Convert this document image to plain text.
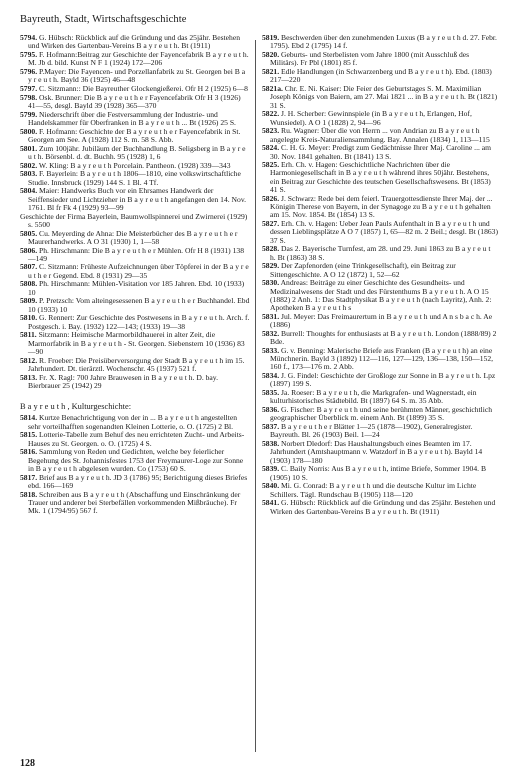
Bayreuth, Stadt, Wirtschaftsgeschichte
5794. G. Hübsch: Rückblick auf die Gründung und das 25jähr. Bestehen und Wirken des Gartenbau-Vereins B a y r e u t h. Bt (1911)
5795. F. Hofmann:Beitrag zur Geschichte der Fayencefabrik B a y r e u t h. M. Jb d. bild. Kunst N F 1 (1924) 172—206
5796. P.Mayer: Die Fayencen- und Porzellanfabrik zu St. Georgen bei B a y r e u t h. Bayld 36 (1925) 46—48
5797. C. Sitzmann:: Die Bayreuther Glockengießerei. Ofr H 2 (1925) 6—8
5798. Osk. Brunner: Die B a y r e u t h e r Fayencefabrik Ofr H 3 (1926) 41—55, desgl. Bayld 39 (1928) 365—370
5799. Niederschrift über die Festversammlung der Industrie- und Handelskammer für Oberfranken in B a y r e u t h ... Bt (1926) 25 S.
5800. F. Hofmann: Geschichte der B a y r e u t h e r Fayencefabrik in St. Georgen am See. A (1928) 112 S. m. 58 S. Abb.
5801. Zum 100jähr. Jubiläum der Buchhandlung B. Seligsberg in B a y r e u t h. Börsenbl. d. dt. Buchh. 95 (1928) 1, 6
5802. W. Kling: B a y r e u t h Porcelain. Pantheon. (1928) 339—343
5803. F. Bayerlein: B a y r e u t h 1806—1810, eine volkswirtschaftliche Studie. Innsbruck (1929) 144 S. 1 Bl. 4 Tf.
5804. Maier: Handwerks Buch vor ein Ehrsames Handwerk der Seiffensieder und Lichtzieher in B a y r e u t h angefangen den 14. Nov. 1761. Bl fr Fk 4 (1929) 93—99
Geschichte der Firma Bayerlein, Baumwollspinnerei und Zwirnerei (1929) s. 5500
5805. Cu. Meyerding de Ahna: Die Meisterbücher des B a y r e u t h e r Maurerhandwerks. A O 31 (1930) 1, 1—58
5806. Ph. Hirschmann: Die B a y r e u t h e r Mühlen. Ofr H 8 (1931) 138—149
5807. C. Sitzmann: Früheste Aufzeichnungen über Töpferei in der B a y r e u t h e r Gegend. Ebd. 8 (1931) 29—35
5808. Ph. Hirschmann: Mühlen-Visitation vor 185 Jahren. Ebd. 10 (1933) 10
5809. P. Pretzsch: Vom alteingesessenen B a y r e u t h e r Buchhandel. Ebd 10 (1933) 10
5810. G. Rennert: Zur Geschichte des Postwesens in B a y r e u t h. Arch. f. Postgesch. i. Bay. (1932) 122—143; (1933) 19—38
5811. Sitzmann: Heimische Marmorbildhauerei in alter Zeit, die Marmorfabrik in B a y r e u t h - St. Georgen. Siebenstern 10 (1936) 83—90
5812. R. Froeber: Die Preisüberversorgung der Stadt B a y r e u t h im 15. Jahrhundert. Dt. tierärztl. Wochenschr. 45 (1937) 521 f.
5813. Fr. X. Ragl: 700 Jahre Brauwesen in B a y r e u t h. D. bay. Bierbrauer 25 (1942) 29
B a y r e u t h , Kulturgeschichte:
5814. Kurtze Benachrichtigung von der in ... B a y r e u t h angestellten sehr vorteilhafften sogenandten Kleinen Lotterie, o. O. (1725) 2 Bl.
5815. Lotterie-Tabelle zum Behuf des neu errichteten Zucht- und Arbeits-Hauses zu St. Georgen. o. O. (1725) 4 S.
5816. Sammlung von Reden und Gedichten, welche bey feierlicher Begehung des St. Johannisfestes 1753 der Freymaurer-Loge zur Sonne in B a y r e u t h abgelesen wurden. Co (1753) 60 S.
5817. Brief aus B a y r e u t h. JD 3 (1786) 95; Berichtigung dieses Briefes ebd. 166—169
5818. Schreiben aus B a y r e u t h (Abschaffung und Einschränkung der Trauer und anderer bei Sterbefällen vorkommenden Mißbräuche). Fr Mk. 1 (1794/95) 567 f.
5819. Beschwerden über den zunehmenden Luxus (B a y r e u t h d. 27. Febr. 1795). Ebd 2 (1795) 14 f.
5820. Geburts- und Sterbelisten vom Jahre 1800 (mit Ausschluß des Militärs). Fr Pbl (1801) 85 f.
5821. Edle Handlungen (in Schwarzenberg und B a y r e u t h). Ebd. (1803) 217—220
5821a. Chr. E. Ni. Kaiser: Die Feier des Geburtstages S. M. Maximilian Joseph Königs von Baiern, am 27. Mai 1821 ... in B a y r e u t h. Bt (1821) 31 S.
5822. J. H. Scherber: Gewinnspiele (in B a y r e u t h, Erlangen, Hof, Wunsiedel). A O 1 (1828) 2, 94—96
5823. Ru. Wagner: Über die von Herrn ... von Andrian zu B a y r e u t h angelegte Kreis-Naturaliensammlung. Bay. Annalen (1834) 1, 113—115
5824. C. H. G. Meyer: Predigt zum Gedächtnisse Ihrer Maj. Caroline ... am 30. Nov. 1841 gehalten. Bt (1841) 13 S.
5825. Erh. Ch. v. Hagen: Geschichtliche Nachrichten über die Harmoniegesellschaft in B a y r e u t h während ihres 50jähr. Bestehens, ein Beitrag zur Geschichte des teutschen Gesellschaftswesens. Bt (1853) 41 S.
5826. J. Schwarz: Rede bei dem feierl. Trauergottesdienste Ihrer Maj. der ... Königin Therese von Bayern, in der Synagoge zu B a y r e u t h gehalten am 15. Nov. 1854. Bt (1854) 13 S.
5827. Erh. Ch. v. Hagen: Ueber Jean Pauls Aufenthalt in B a y r e u t h und dessen Lieblingsplätze A O 7 (1857) 1, 65—82 m. 2 Beil.; desgl. Bt (1863) 37 S.
5828. Das 2. Bayerische Turnfest, am 28. und 29. Juni 1863 zu B a y r e u t h. Bt (1863) 38 S.
5829. Der Zapfenorden (eine Trinkgesellschaft), ein Beitrag zur Sittengeschichte. A O 12 (1872) 1, 52—62
5830. Andreas: Beiträge zu einer Geschichte des Gesundheits- und Medizinalwesens der Stadt und des Fürstenthums B a y r e u t h. A O 15 (1882) 2 Anh. 1: Das Stadtphysikat B a y r e u t h (nach Layritz), Anh. 2: Apotheken B a y r e u t h s
5831. Jul. Meyer: Das Freimaurertum in B a y r e u t h und A n s b a c h. Ae (1886)
5832. Burrell: Thoughts for enthusiasts at B a y r e u t h. London (1888/89) 2 Bde.
5833. G. v. Benning: Malerische Briefe aus Franken (B a y r e u t h) an eine Münchnerin. Bayld 3 (1892) 112—116, 127—129, 136—138, 150—152, 160 f., 173—176 m. 2 Abb.
5834. J. G. Findel: Geschichte der Großloge zur Sonne in B a y r e u t h. Lpz (1897) 199 S.
5835. Ja. Roeser: B a y r e u t h, die Markgrafen- und Wagnerstadt, ein kulturhistorisches Städtebild. Bt (1897) 64 S. m. 35 Abb.
5836. G. Fischer: B a y r e u t h und seine berühmten Männer, geschichtlich geographischer Überblick m. einem Anh. Bt (1899) 35 S.
5837. B a y r e u t h e r Blätter 1—25 (1878—1902), Generalregister. Bayreuth. Bl. 26 (1903) Beil. 1—24
5838. Norbert Dledorf: Das Haushaltungsbuch eines Beamten im 17. Jahrhundert (Amtshauptmann v. Watzdorf in B a y r e u t h). Bayld 14 (1903) 178—180
5839. C. Baily Norris: Aus B a y r e u t h, intime Briefe, Sommer 1904. B (1905) 10 S.
5840. Mi. G. Conrad: B a y r e u t h und die deutsche Kultur im Lichte Schillers. Tägl. Rundschau B (1905) 118—120
5841. G. Hübsch: Rückblick auf die Gründung und das 25jähr. Bestehen und Wirken des Gartenbau-Vereins B a y r e u t h. Bt (1911)
128
